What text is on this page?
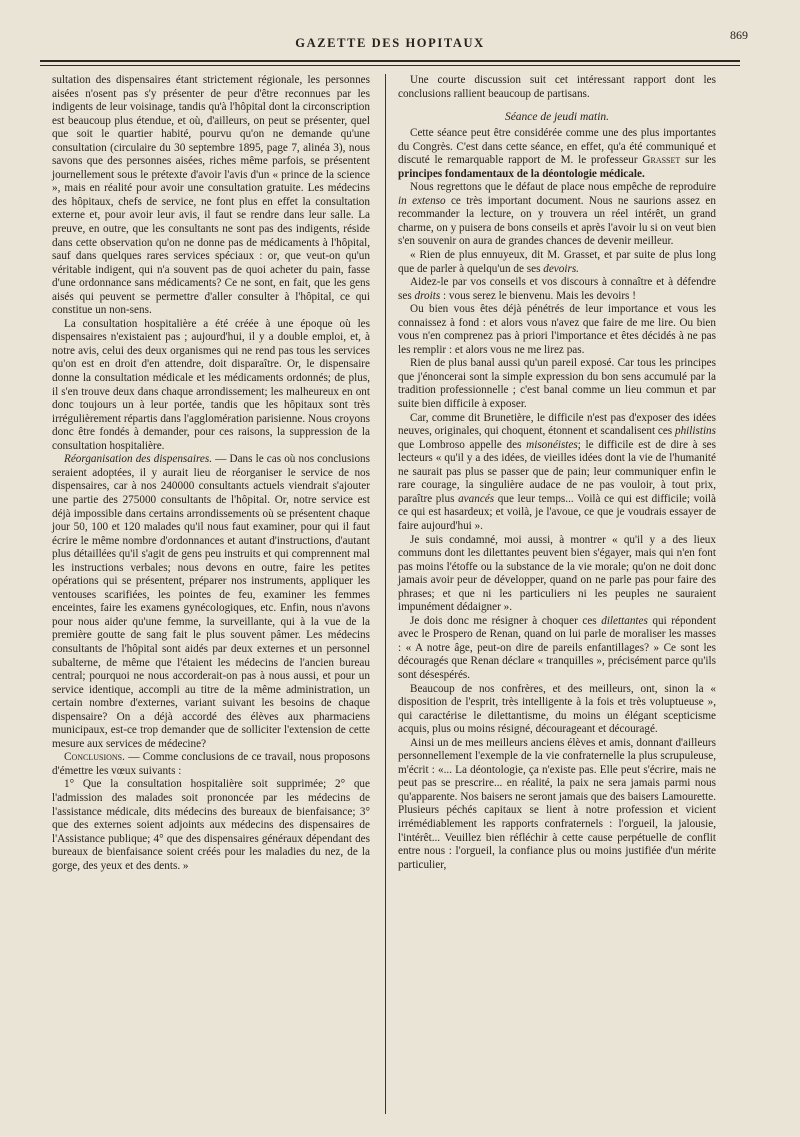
GAZETTE DES HOPITAUX
869

sultation des dispensaires étant strictement régionale, les personnes aisées n'osent pas s'y présenter de peur d'être reconnues par les indigents de leur voisinage, tandis qu'à l'hôpital dont la circonscription est beaucoup plus étendue, et où, d'ailleurs, on peut se présenter, quel que soit le quartier habité, pourvu qu'on ne demande qu'une consultation (circulaire du 30 septembre 1895, page 7, alinéa 3), nous savons que des personnes aisées, riches même parfois, se présentent journellement sous le prétexte d'avoir l'avis d'un « prince de la science », mais en réalité pour avoir une consultation gratuite. Les médecins des hôpitaux, chefs de service, ne font plus en effet la consultation externe et, pour avoir leur avis, il faut se rendre dans leur salle. La preuve, en outre, que les consultants ne sont pas des indigents, réside dans cette observation qu'on ne donne pas de médicaments à l'hôpital, sauf dans quelques rares services spéciaux : or, que veut-on qu'un véritable indigent, qui n'a souvent pas de quoi acheter du pain, fasse d'une ordonnance sans médicaments? Ce ne sont, en fait, que les gens aisés qui peuvent se permettre d'aller consulter à l'hôpital, ce qui constitue un non-sens.

La consultation hospitalière a été créée à une époque où les dispensaires n'existaient pas ; aujourd'hui, il y a double emploi, et, à notre avis, celui des deux organismes qui ne rend pas tous les services qu'on est en droit d'en attendre, doit disparaître. Or, le dispensaire donne la consultation médicale et les médicaments ordonnés; de plus, il s'en trouve deux dans chaque arrondissement; les malheureux en ont donc toujours un à leur portée, tandis que les hôpitaux sont très irrégulièrement répartis dans l'agglomération parisienne. Nous croyons donc être fondés à demander, pour ces raisons, la suppression de la consultation hospitalière.

Réorganisation des dispensaires. — Dans le cas où nos conclusions seraient adoptées, il y aurait lieu de réorganiser le service de nos dispensaires, car à nos 240000 consultants actuels viendrait s'ajouter une partie des 275000 consultants de l'hôpital. Or, notre service est déjà impossible dans certains arrondissements où se présentent chaque jour 50, 100 et 120 malades qu'il nous faut examiner, pour qui il faut écrire le même nombre d'ordonnances et autant d'instructions, d'autant plus détaillées qu'il s'agit de gens peu instruits et qui comprennent mal les instructions verbales; nous devons en outre, faire les petites opérations qui se présentent, préparer nos instruments, appliquer les ventouses scarifiées, les pointes de feu, examiner les femmes enceintes, faire les examens gynécologiques, etc. Enfin, nous n'avons pour nous aider qu'une femme, la surveillante, qui à la vue de la première goutte de sang fait le plus souvent pâmer. Les médecins consultants de l'hôpital sont aidés par deux externes et un personnel subalterne, de même que l'étaient les médecins de l'ancien bureau central; pourquoi ne nous accorderait-on pas à nous aussi, et pour un service identique, accompli au titre de la même administration, un certain nombre d'externes, variant suivant les besoins de chaque dispensaire? On a déjà accordé des élèves aux pharmaciens municipaux, est-ce trop demander que de solliciter l'extension de cette mesure aux services de médecine?

Conclusions. — Comme conclusions de ce travail, nous proposons d'émettre les vœux suivants :

1° Que la consultation hospitalière soit supprimée; 2° que l'admission des malades soit prononcée par les médecins de l'assistance médicale, dits médecins des bureaux de bienfaisance; 3° que des externes soient adjoints aux médecins des dispensaires de l'Assistance publique; 4° que des dispensaires généraux dépendant des bureaux de bienfaisance soient créés pour les maladies du nez, de la gorge, des yeux et des dents. »

Une courte discussion suit cet intéressant rapport dont les conclusions rallient beaucoup de partisans.

Séance de jeudi matin.

Cette séance peut être considérée comme une des plus importantes du Congrès. C'est dans cette séance, en effet, qu'a été communiqué et discuté le remarquable rapport de M. le professeur Grasset sur les principes fondamentaux de la déontologie médicale.

Nous regrettons que le défaut de place nous empêche de reproduire in extenso ce très important document. Nous ne saurions assez en recommander la lecture, on y trouvera un réel intérêt, un grand charme, on y puisera de bons conseils et après l'avoir lu si on veut bien s'en souvenir on aura de grandes chances de devenir meilleur.

« Rien de plus ennuyeux, dit M. Grasset, et par suite de plus long que de parler à quelqu'un de ses devoirs.

Aidez-le par vos conseils et vos discours à connaître et à défendre ses droits : vous serez le bienvenu. Mais les devoirs !

Ou bien vous êtes déjà pénétrés de leur importance et vous les connaissez à fond : et alors vous n'avez que faire de me lire. Ou bien vous n'en comprenez pas à priori l'importance et êtes décidés à ne pas les remplir : et alors vous ne me lirez pas.

Rien de plus banal aussi qu'un pareil exposé. Car tous les principes que j'énoncerai sont la simple expression du bon sens accumulé par la tradition professionnelle ; c'est banal comme un lieu commun et par suite bien difficile à exposer.

Car, comme dit Brunetière, le difficile n'est pas d'exposer des idées neuves, originales, qui choquent, étonnent et scandalisent ces philistins que Lombroso appelle des misonéistes; le difficile est de dire à ses lecteurs « qu'il y a des idées, de vieilles idées dont la vie de l'humanité ne saurait pas plus se passer que de pain; leur communiquer enfin le rare courage, la singulière audace de ne pas vouloir, à tout prix, paraître plus avancés que leur temps... Voilà ce qui est difficile; voilà ce qui est hasardeux; et voilà, je l'avoue, ce que je voudrais essayer de faire aujourd'hui ».

Je suis condamné, moi aussi, à montrer « qu'il y a des lieux communs dont les dilettantes peuvent bien s'égayer, mais qui n'en font pas moins l'étoffe ou la substance de la vie morale; qu'on ne doit donc jamais avoir peur de développer, quand on ne parle pas pour faire des phrases; et que ni les particuliers ni les peuples ne sauraient impunément dédaigner ».

Je dois donc me résigner à choquer ces dilettantes qui répondent avec le Prospero de Renan, quand on lui parle de moraliser les masses : « A notre âge, peut-on dire de pareils enfantillages? » Ce sont les découragés que Renan déclare « tranquilles », précisément parce qu'ils sont désespérés.

Beaucoup de nos confrères, et des meilleurs, ont, sinon la « disposition de l'esprit, très intelligente à la fois et très voluptueuse », qui caractérise le dilettantisme, du moins un élégant scepticisme acquis, plus ou moins résigné, décourageant et découragé.

Ainsi un de mes meilleurs anciens élèves et amis, donnant d'ailleurs personnellement l'exemple de la vie confraternelle la plus scrupuleuse, m'écrit : «... La déontologie, ça n'existe pas. Elle peut s'écrire, mais ne peut pas se prescrire... en réalité, la paix ne sera jamais parmi nous qu'apparente. Nos baisers ne seront jamais que des baisers Lamourette. Plusieurs péchés capitaux se lient à notre profession et vicient irrémédiablement les rapports confraternels : l'orgueil, la jalousie, l'intérêt... Veuillez bien réfléchir à cette cause perpétuelle de conflit entre nous : l'orgueil, la confiance plus ou moins justifiée d'un mérite particulier,
